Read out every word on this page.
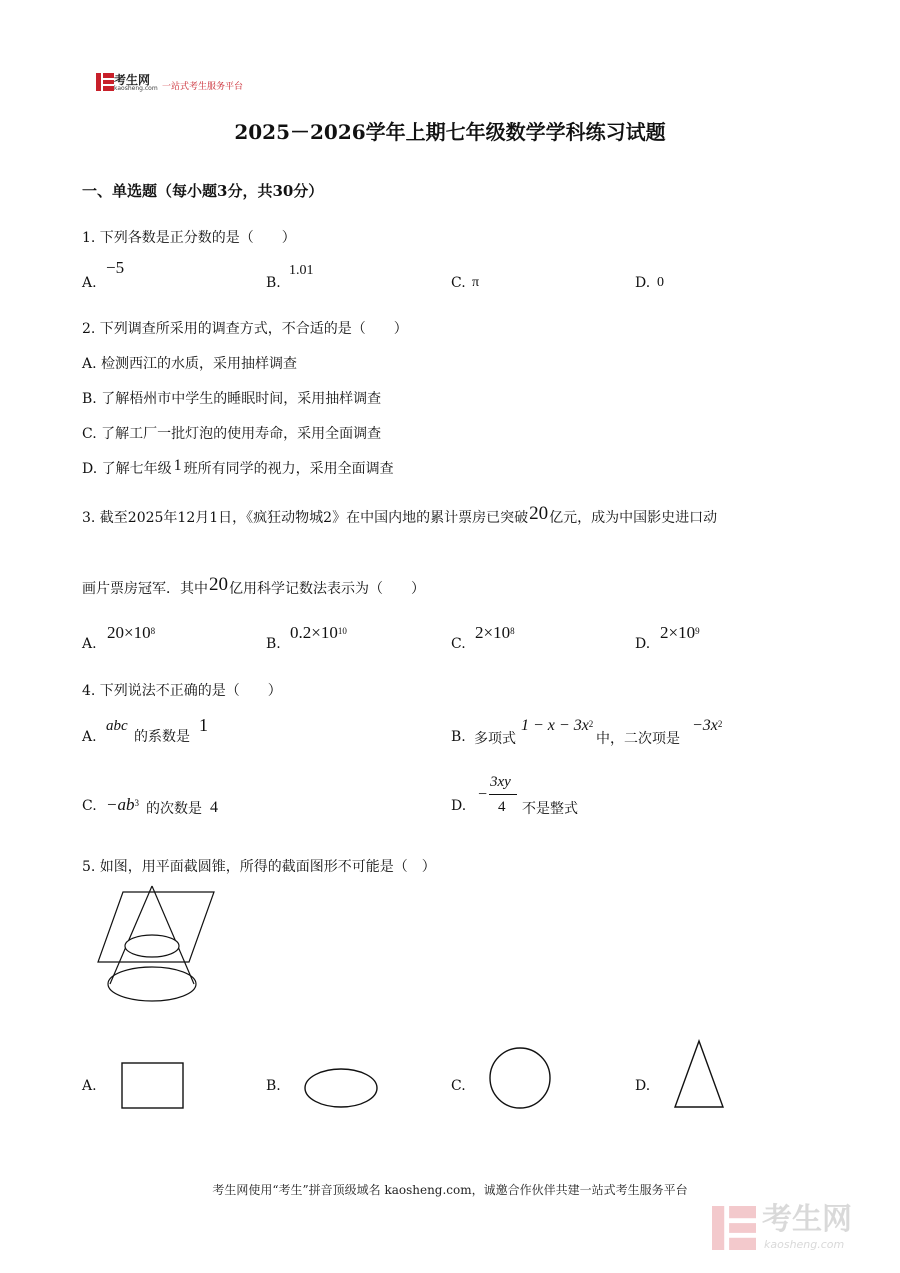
考生网
kaosheng.com 一站式考生服务平台
2025－2026学年上期七年级数学学科练习试题
一、单选题（每小题3分，共30分）
1. 下列各数是正分数的是（　　）
A.
−5
B.
1.01
C. π	D. 0
2. 下列调查所采用的调查方式，不合适的是（　　）
A. 检测西江的水质，采用抽样调查
B. 了解梧州市中学生的睡眠时间，采用抽样调查
C. 了解工厂一批灯泡的使用寿命，采用全面调查
D. 了解七年级 1 班所有同学的视力，采用全面调查
3. 截至2025年12月1日，《疯狂动物城2》在中国内地的累计票房已突破20亿元，成为中国影史进口动
画片票房冠军．其中20亿用科学记数法表示为（　　）
A.
$20\times 10^8$
B.
$0.2\times 10^{10}$
C.
$2\times 10^8$
D.
$2\times 10^9$
4. 下列说法不正确的是（　　）
A.
abc
的系数是
1
B. 多项式
$1 - x - 3x^2$
中，二次项是
$-3x^2$
C. $-ab^3$ 的次数是 4	D.
−
3xy
4 不是整式
5. 如图，用平面截圆锥，所得的截面图形不可能是（　）
A.	B.	C.	D.
考生网使用“考生”拼音顶级域名 kaosheng.com，诚邀合作伙伴共建一站式考生服务平台
考生网
kaosheng.com
